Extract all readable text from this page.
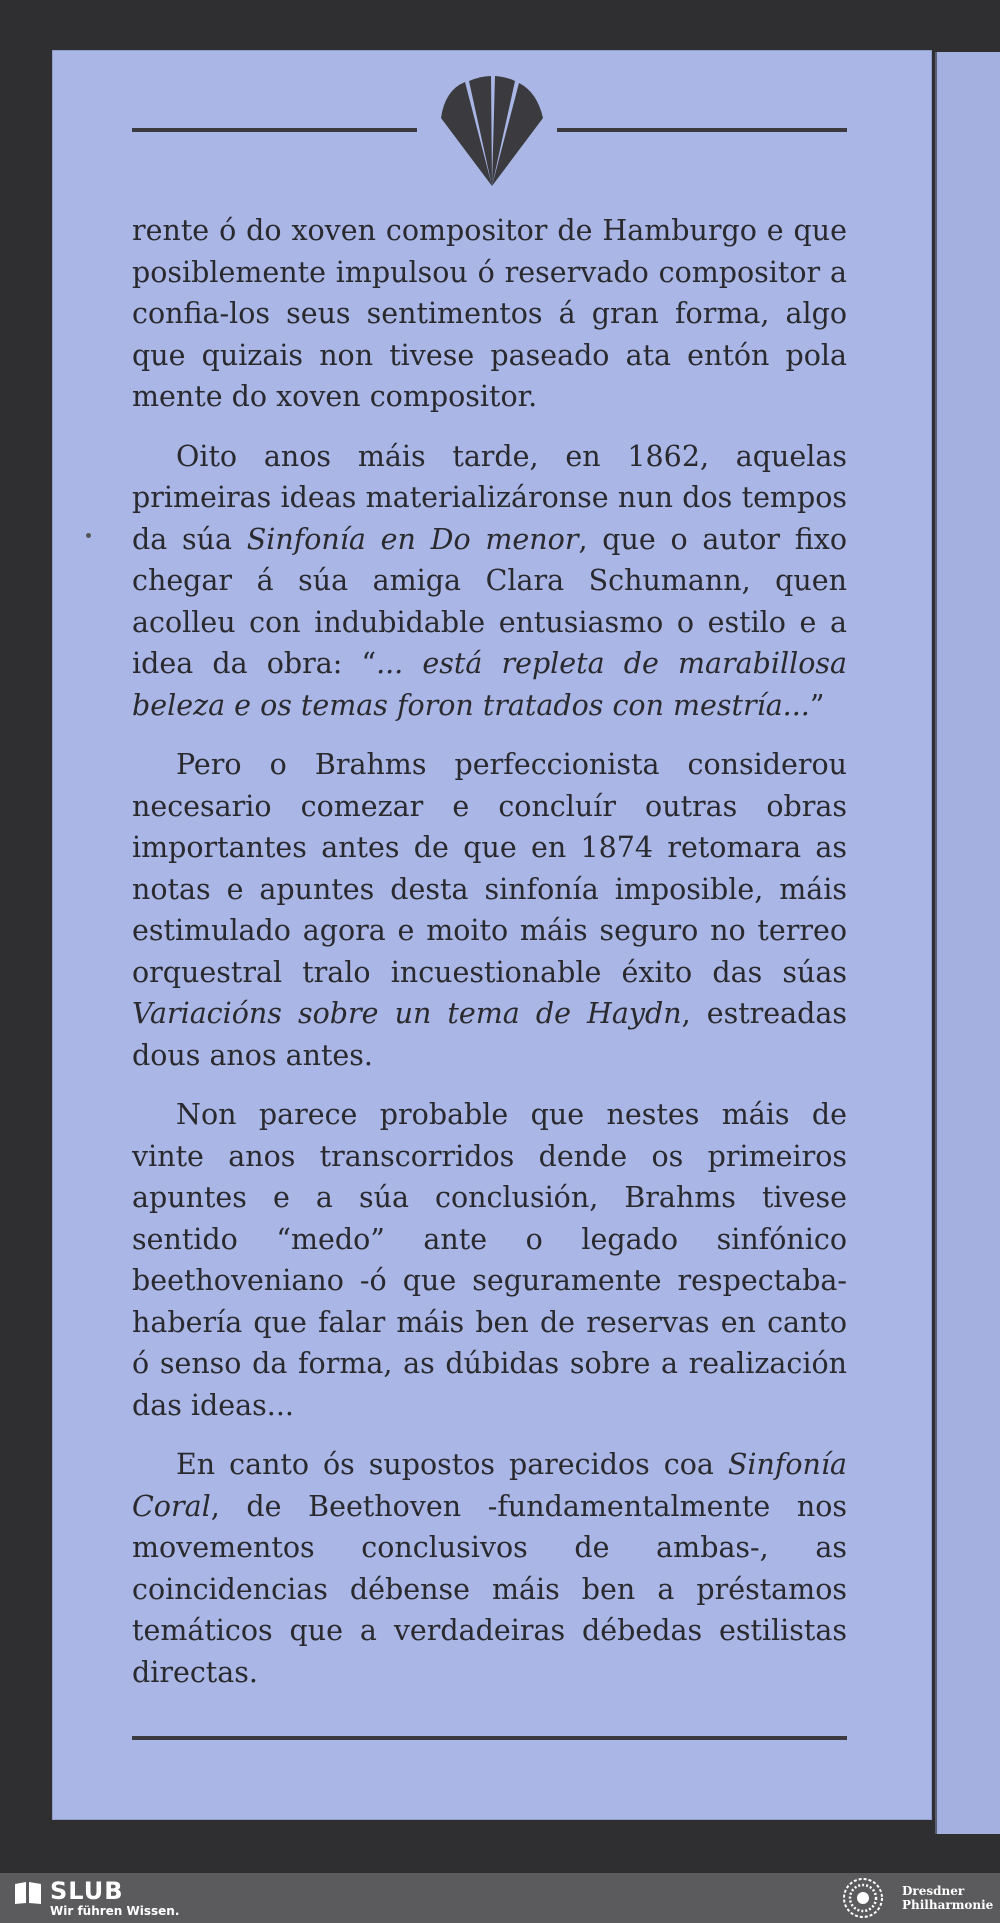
rente ó do xoven compositor de Hamburgo e que posiblemente impulsou ó reservado compositor a confia-los seus sentimentos á gran forma, algo que quizais non tivese paseado ata entón pola mente do xoven compositor.

Oito anos máis tarde, en 1862, aquelas primeiras ideas materializáronse nun dos tempos da súa Sinfonía en Do menor, que o autor fixo chegar á súa amiga Clara Schumann, quen acolleu con indubidable entusiasmo o estilo e a idea da obra: “... está repleta de marabillosa beleza e os temas foron tratados con mestría...”

Pero o Brahms perfeccionista considerou necesario comezar e concluír outras obras importantes antes de que en 1874 retomara as notas e apuntes desta sinfonía imposible, máis estimulado agora e moito máis seguro no terreo orquestral tralo incuestionable éxito das súas Variacións sobre un tema de Haydn, estreadas dous anos antes.

Non parece probable que nestes máis de vinte anos transcorridos dende os primeiros apuntes e a súa conclusión, Brahms tivese sentido “medo” ante o legado sinfónico beethoveniano -ó que seguramente respectaba- habería que falar máis ben de reservas en canto ó senso da forma, as dúbidas sobre a realización das ideas...

En canto ós supostos parecidos coa Sinfonía Coral, de Beethoven -fundamentalmente nos movementos conclusivos de ambas-, as coincidencias débense máis ben a préstamos temáticos que a verdadeiras débedas estilistas directas.

SLUB
Wir führen Wissen.
Dresdner
Philharmonie
